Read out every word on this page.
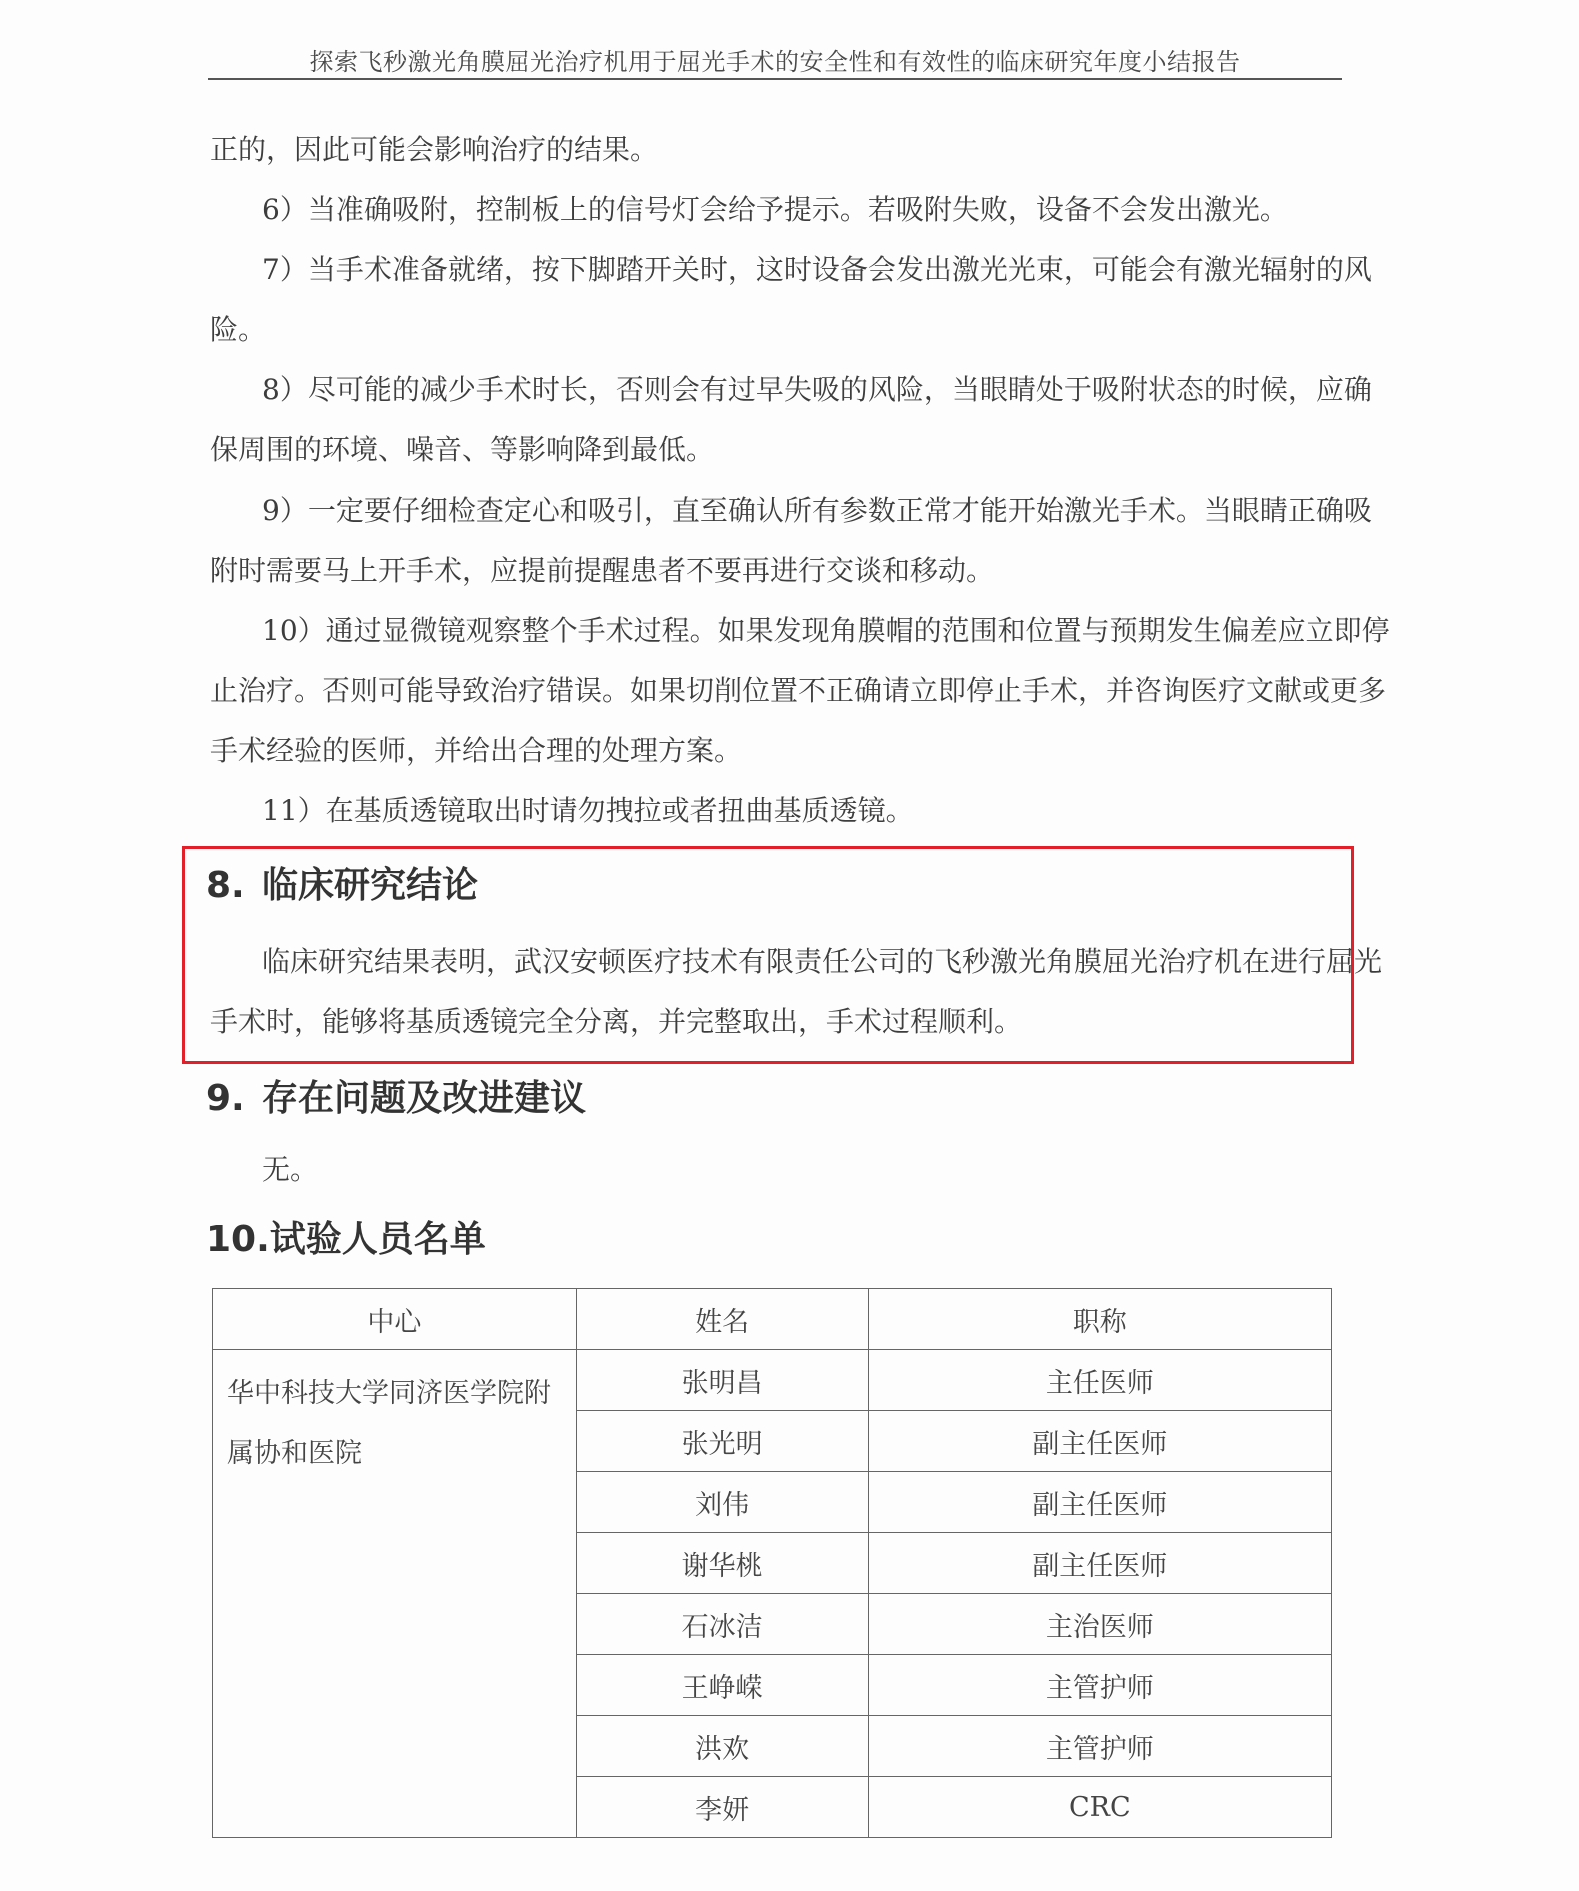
探索飞秒激光角膜屈光治疗机用于屈光手术的安全性和有效性的临床研究年度小结报告
正的，因此可能会影响治疗的结果。
6）当准确吸附，控制板上的信号灯会给予提示。若吸附失败，设备不会发出激光。
7）当手术准备就绪，按下脚踏开关时，这时设备会发出激光光束，可能会有激光辐射的风
险。
8）尽可能的减少手术时长，否则会有过早失吸的风险，当眼睛处于吸附状态的时候，应确
保周围的环境、噪音、等影响降到最低。
9）一定要仔细检查定心和吸引，直至确认所有参数正常才能开始激光手术。当眼睛正确吸
附时需要马上开手术，应提前提醒患者不要再进行交谈和移动。
10）通过显微镜观察整个手术过程。如果发现角膜帽的范围和位置与预期发生偏差应立即停
止治疗。否则可能导致治疗错误。如果切削位置不正确请立即停止手术，并咨询医疗文献或更多
手术经验的医师，并给出合理的处理方案。
11）在基质透镜取出时请勿拽拉或者扭曲基质透镜。
8. 临床研究结论
临床研究结果表明，武汉安顿医疗技术有限责任公司的飞秒激光角膜屈光治疗机在进行屈光
手术时，能够将基质透镜完全分离，并完整取出，手术过程顺利。
9. 存在问题及改进建议
无。
10.试验人员名单
中心	姓名	职称
华中科技大学同济医学院附属协和医院	张明昌	主任医师
	张光明	副主任医师
	刘伟	副主任医师
	谢华桃	副主任医师
	石冰洁	主治医师
	王峥嵘	主管护师
	洪欢	主管护师
	李妍	CRC
